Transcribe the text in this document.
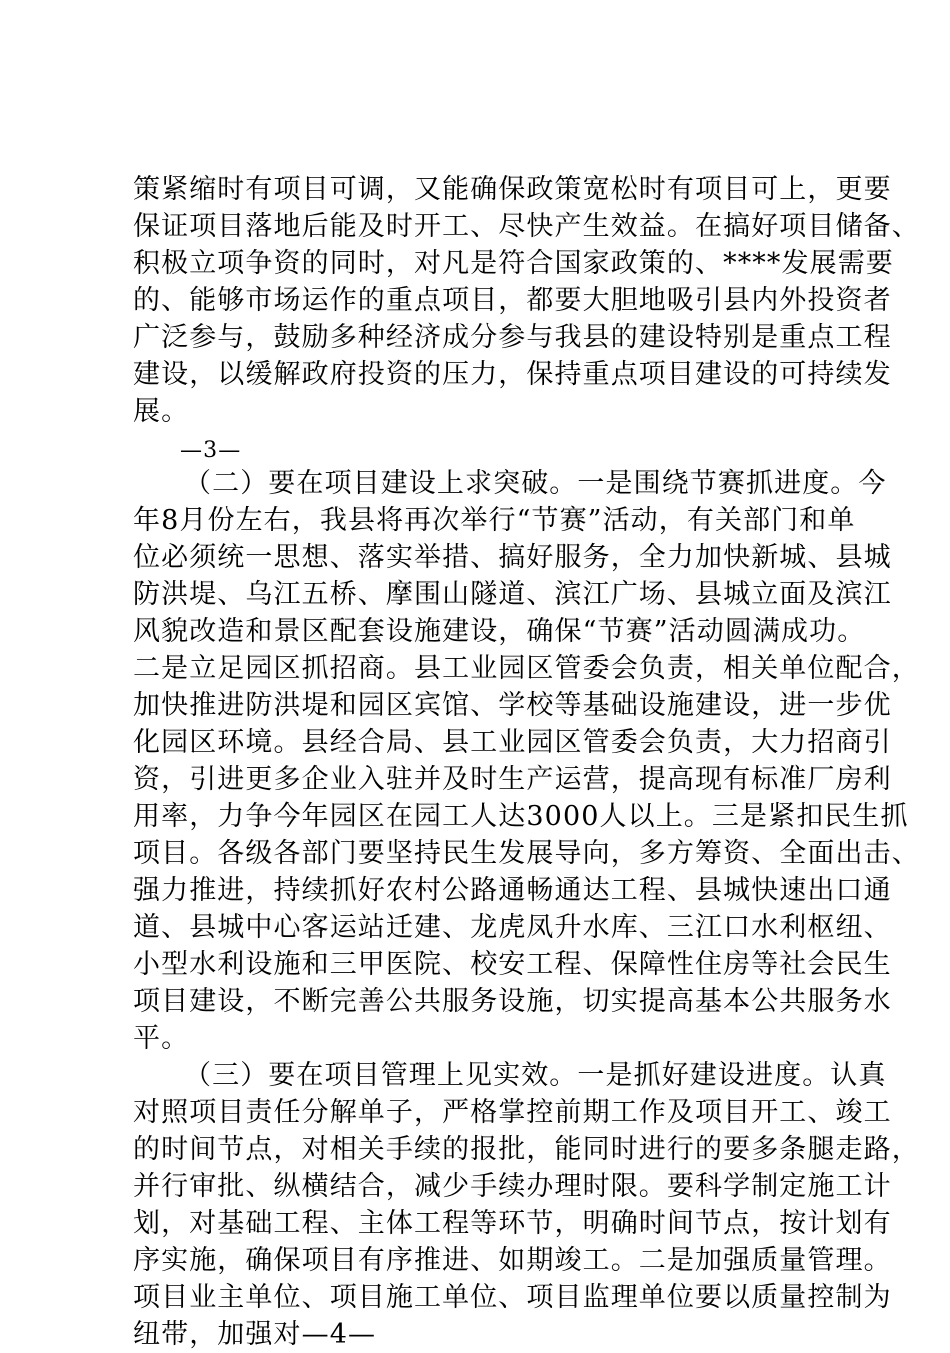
策紧缩时有项目可调，又能确保政策宽松时有项目可上，更要
保证项目落地后能及时开工、尽快产生效益。在搞好项目储备、
积极立项争资的同时，对凡是符合国家政策的、****发展需要
的、能够市场运作的重点项目，都要大胆地吸引县内外投资者
广泛参与，鼓励多种经济成分参与我县的建设特别是重点工程
建设，以缓解政府投资的压力，保持重点项目建设的可持续发
展。
—3—
（二）要在项目建设上求突破。一是围绕节赛抓进度。今
年8月份左右，我县将再次举行“节赛”活动，有关部门和单
位必须统一思想、落实举措、搞好服务，全力加快新城、县城
防洪堤、乌江五桥、摩围山隧道、滨江广场、县城立面及滨江
风貌改造和景区配套设施建设，确保“节赛”活动圆满成功。
二是立足园区抓招商。县工业园区管委会负责，相关单位配合，
加快推进防洪堤和园区宾馆、学校等基础设施建设，进一步优
化园区环境。县经合局、县工业园区管委会负责，大力招商引
资，引进更多企业入驻并及时生产运营，提高现有标准厂房利
用率，力争今年园区在园工人达3000人以上。三是紧扣民生抓
项目。各级各部门要坚持民生发展导向，多方筹资、全面出击、
强力推进，持续抓好农村公路通畅通达工程、县城快速出口通
道、县城中心客运站迁建、龙虎凤升水库、三江口水利枢纽、
小型水利设施和三甲医院、校安工程、保障性住房等社会民生
项目建设，不断完善公共服务设施，切实提高基本公共服务水
平。
（三）要在项目管理上见实效。一是抓好建设进度。认真
对照项目责任分解单子，严格掌控前期工作及项目开工、竣工
的时间节点，对相关手续的报批，能同时进行的要多条腿走路，
并行审批、纵横结合，减少手续办理时限。要科学制定施工计
划，对基础工程、主体工程等环节，明确时间节点，按计划有
序实施，确保项目有序推进、如期竣工。二是加强质量管理。
项目业主单位、项目施工单位、项目监理单位要以质量控制为
纽带，加强对—4—
